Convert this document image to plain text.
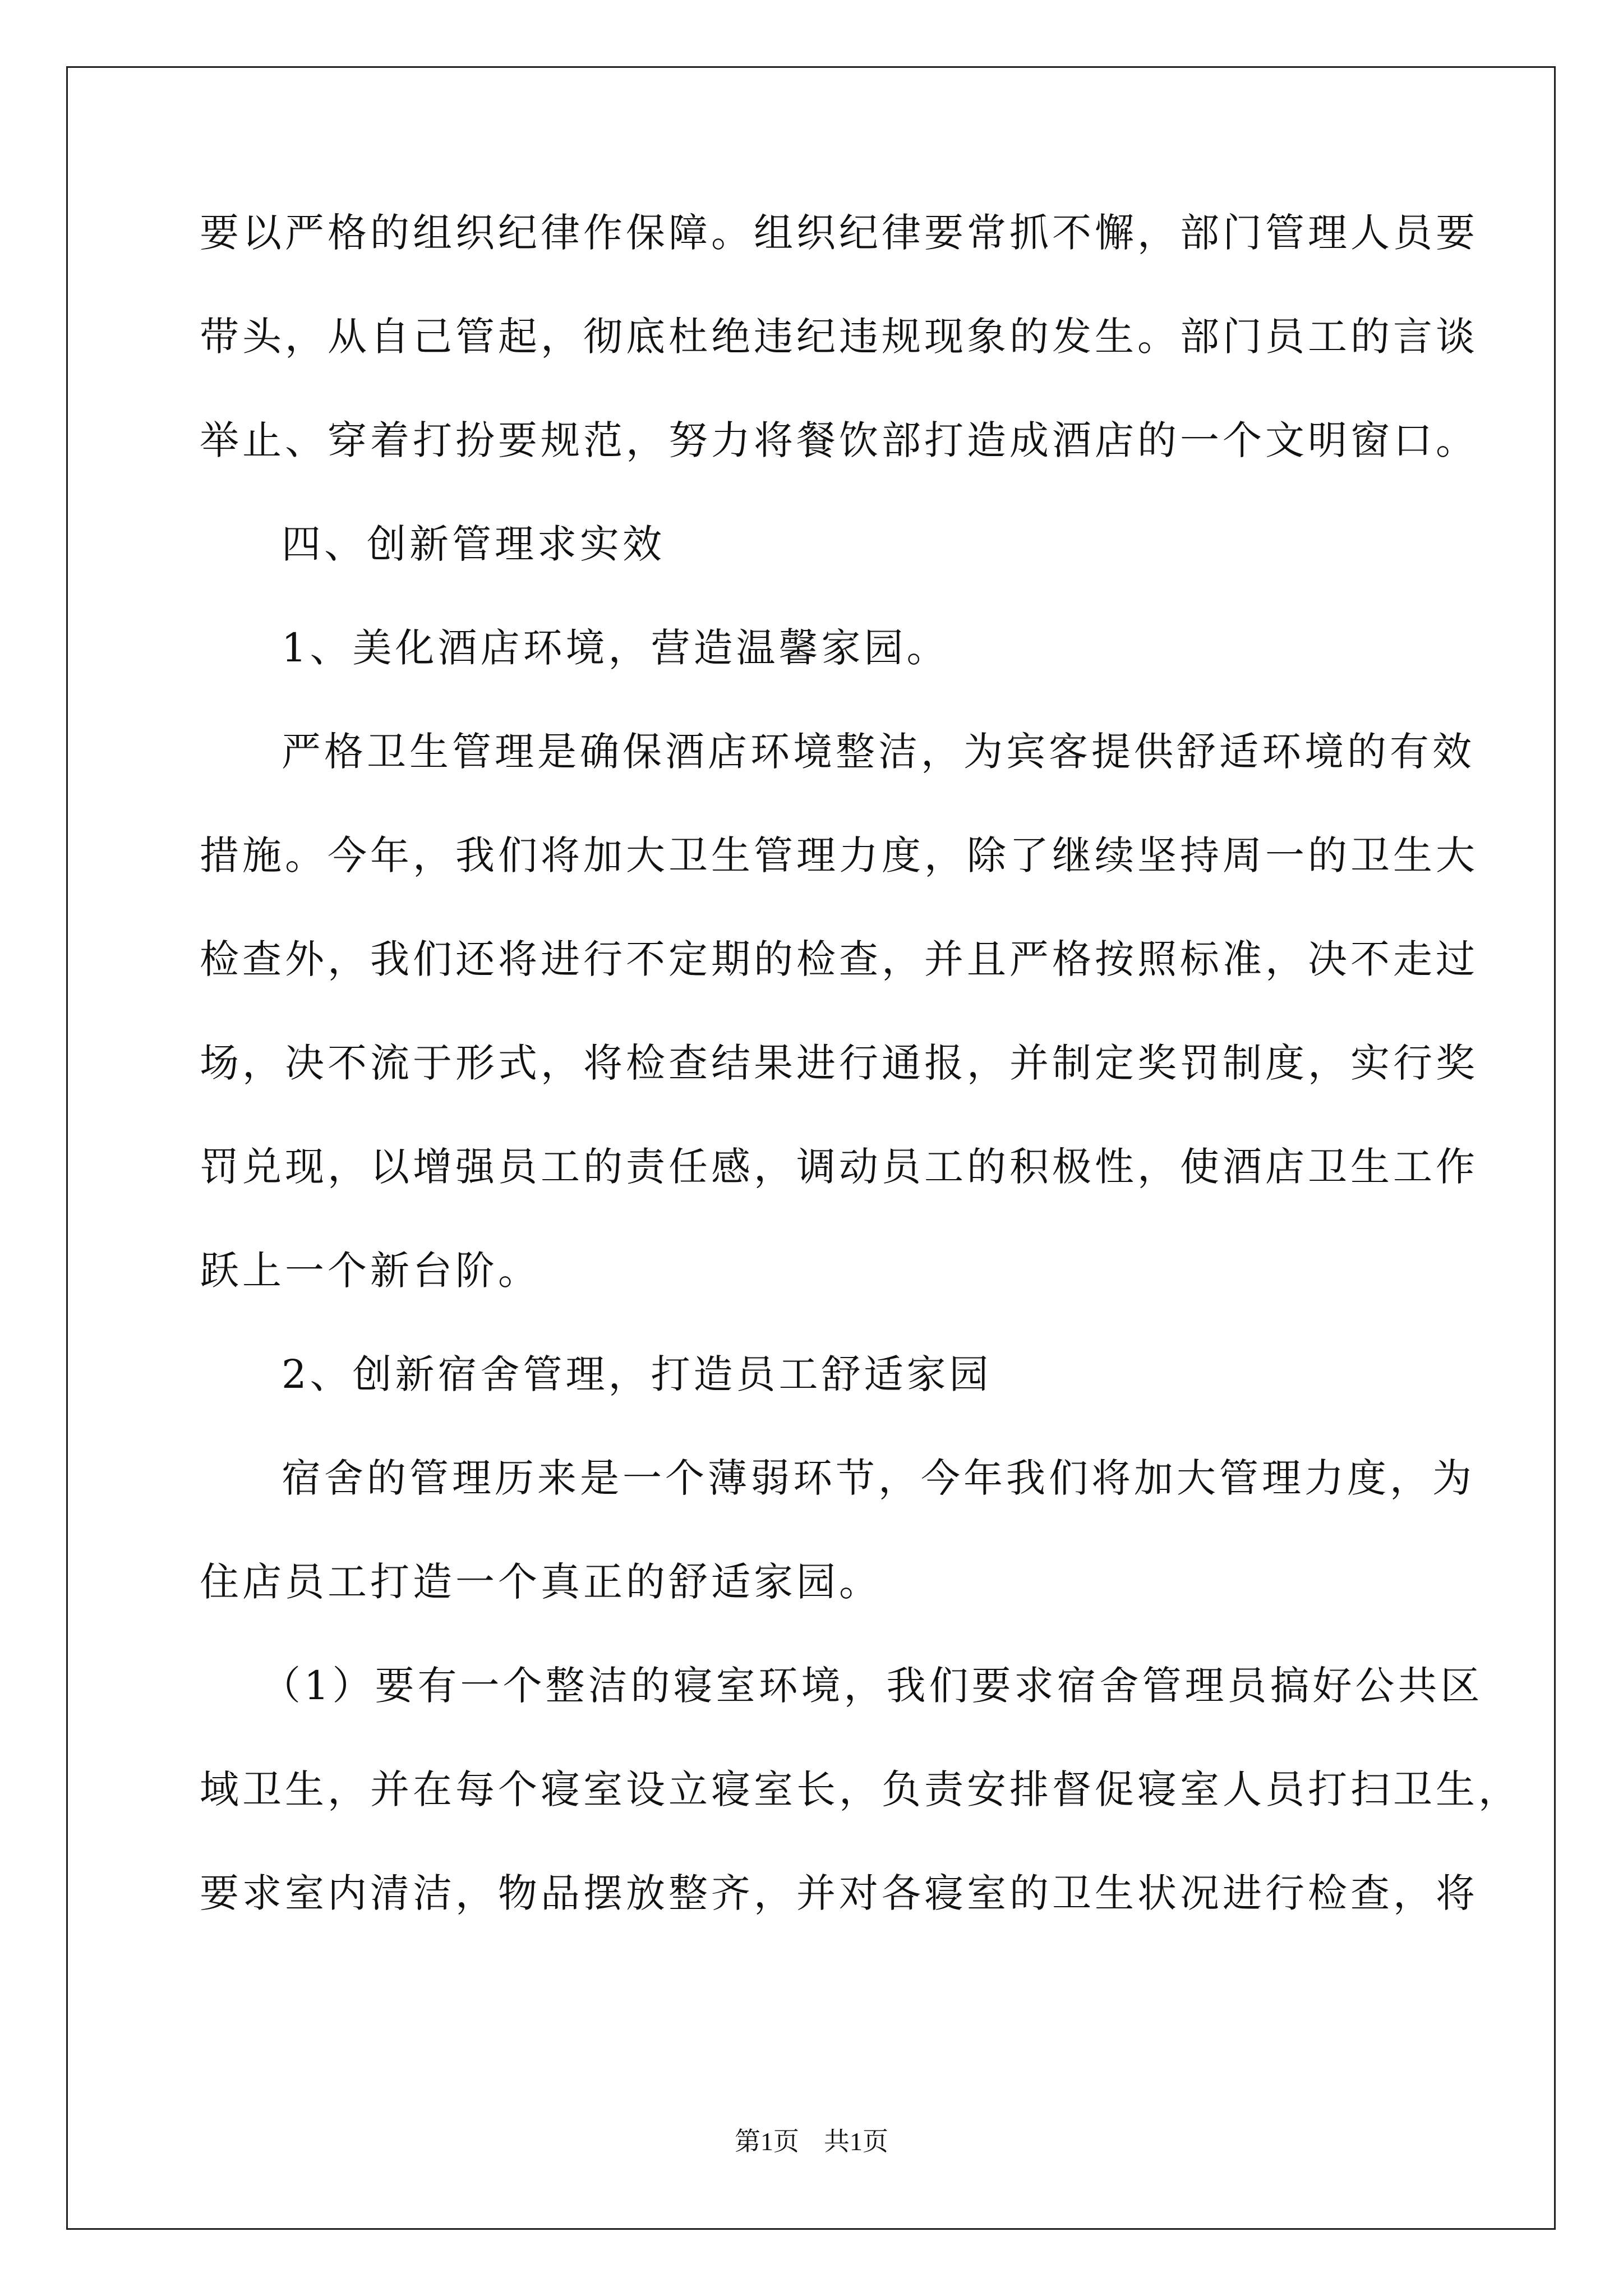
要以严格的组织纪律作保障。组织纪律要常抓不懈，部门管理人员要
带头，从自己管起，彻底杜绝违纪违规现象的发生。部门员工的言谈
举止、穿着打扮要规范，努力将餐饮部打造成酒店的一个文明窗口。
四、创新管理求实效
1、美化酒店环境，营造温馨家园。
严格卫生管理是确保酒店环境整洁，为宾客提供舒适环境的有效
措施。今年，我们将加大卫生管理力度，除了继续坚持周一的卫生大
检查外，我们还将进行不定期的检查，并且严格按照标准，决不走过
场，决不流于形式，将检查结果进行通报，并制定奖罚制度，实行奖
罚兑现，以增强员工的责任感，调动员工的积极性，使酒店卫生工作
跃上一个新台阶。
2、创新宿舍管理，打造员工舒适家园
宿舍的管理历来是一个薄弱环节，今年我们将加大管理力度，为
住店员工打造一个真正的舒适家园。
（1）要有一个整洁的寝室环境，我们要求宿舍管理员搞好公共区
域卫生，并在每个寝室设立寝室长，负责安排督促寝室人员打扫卫生，
要求室内清洁，物品摆放整齐，并对各寝室的卫生状况进行检查，将
第1页 共1页
